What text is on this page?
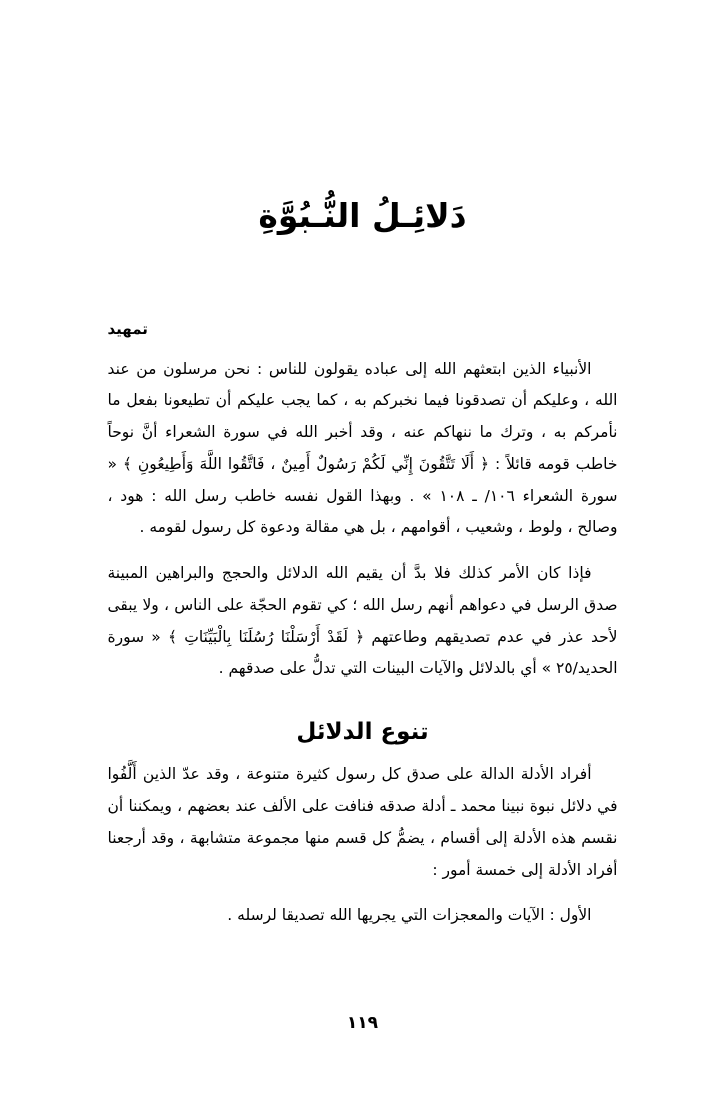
دَلائِـلُ النُّـبُوَّةِ
تمهيد

الأنبياء الذين ابتعثهم الله إلى عباده يقولون للناس : نحن مرسلون من عند الله ، وعليكم أن تصدقونا فيما نخبركم به ، كما يجب عليكم أن تطيعونا بفعل ما نأمركم به ، وترك ما ننهاكم عنه ، وقد أخبر الله في سورة الشعراء أنَّ نوحاً خاطب قومه قائلاً : ﴿ أَلَا تَتَّقُونَ إِنِّي لَكُمْ رَسُولٌ أَمِينٌ ، فَاتَّقُوا اللَّهَ وَأَطِيعُونِ ﴾ « سورة الشعراء ١٠٦/ ـ ١٠٨ » . وبهذا القول نفسه خاطب رسل الله : هود ، وصالح ، ولوط ، وشعيب ، أقوامهم ، بل هي مقالة ودعوة كل رسول لقومه .

فإذا كان الأمر كذلك فلا بدَّ أن يقيم الله الدلائل والحجج والبراهين المبينة صدق الرسل في دعواهم أنهم رسل الله ؛ كي تقوم الحجّة على الناس ، ولا يبقى لأحد عذر في عدم تصديقهم وطاعتهم ﴿ لَقَدْ أَرْسَلْنَا رُسُلَنَا بِالْبَيِّنَاتِ ﴾ « سورة الحديد/٢٥ » أي بالدلائل والآيات البينات التي تدلُّ على صدقهم .

تنوع الدلائل

أفراد الأدلة الدالة على صدق كل رسول كثيرة متنوعة ، وقد عدّ الذين أَلَّفُوا في دلائل نبوة نبينا محمد ـ أدلة صدقه فنافت على الألف عند بعضهم ، ويمكننا أن نقسم هذه الأدلة إلى أقسام ، يضمُّ كل قسم منها مجموعة متشابهة ، وقد أرجعنا أفراد الأدلة إلى خمسة أمور :

الأول : الآيات والمعجزات التي يجريها الله تصديقا لرسله .

١١٩
